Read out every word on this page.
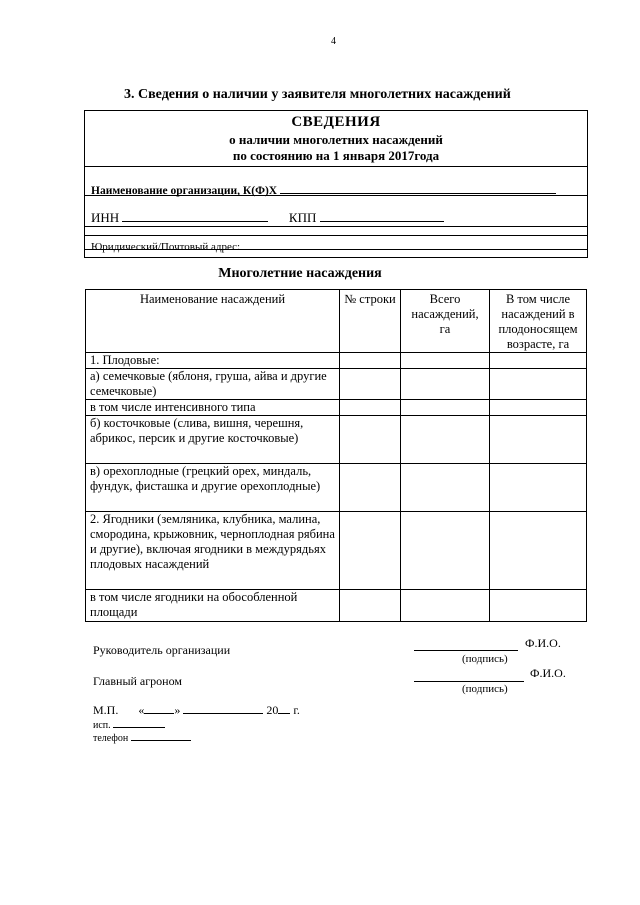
4
3. Сведения о наличии у заявителя многолетних насаждений
СВЕДЕНИЯ
о наличии многолетних насаждений
по состоянию на 1 января 2017года
Наименование организации, К(Ф)Х
ИНН	КПП
Юридический/Почтовый адрес:
Многолетние насаждения
Наименование насаждений	№ строки	Всего насаждений, га	В том числе насаждений в плодоносящем возрасте, га
1. Плодовые:			
а) семечковые (яблоня, груша, айва и другие семечковые)			
в том числе интенсивного типа			
б) косточковые (слива, вишня, черешня, абрикос, персик и другие косточковые)			
в) орехоплодные (грецкий орех, миндаль, фундук, фисташка и другие орехоплодные)			
2. Ягодники (земляника, клубника, малина, смородина, крыжовник, черноплодная рябина и другие), включая ягодники в междурядьях плодовых насаждений			
в том числе ягодники на обособленной площади			
Руководитель организации	Ф.И.О.
(подпись)
Главный агроном
Ф.И.О.
(подпись)
М.П. «	»	20 г.
исп.
телефон
